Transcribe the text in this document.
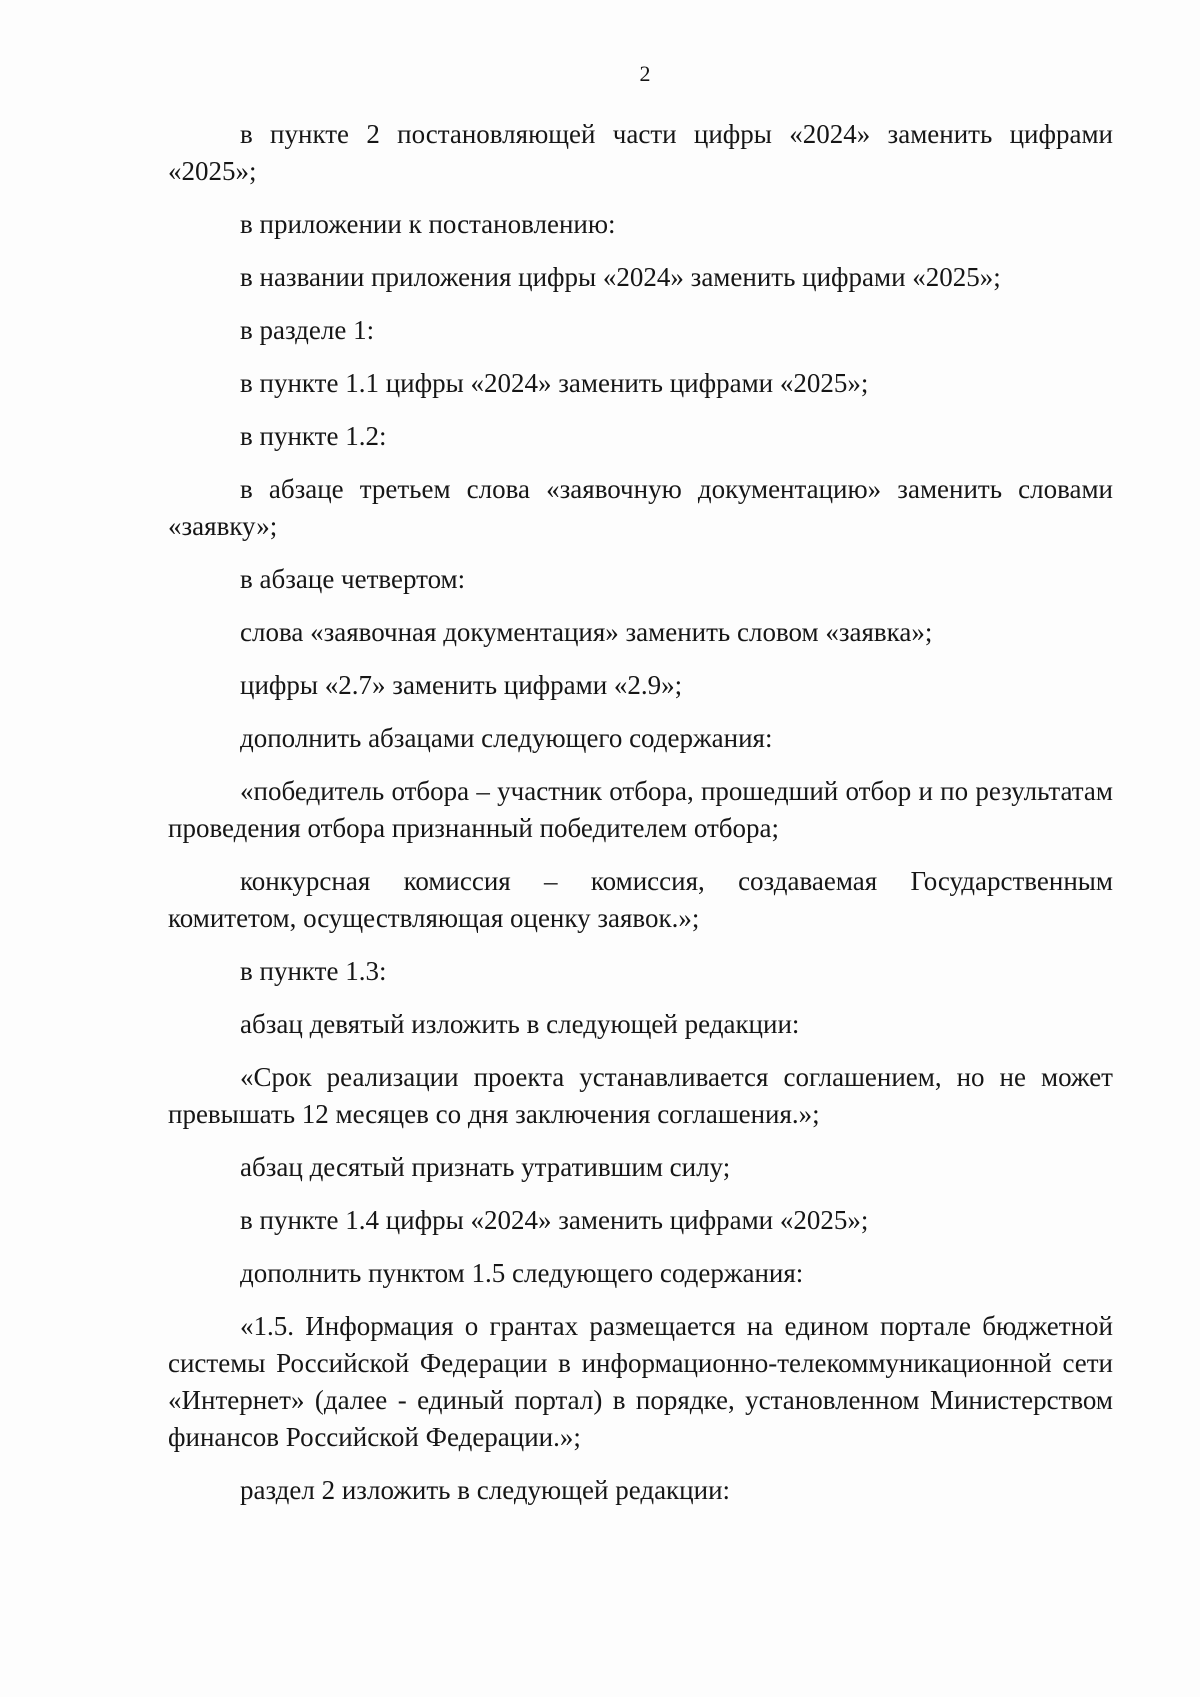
2

в пункте 2 постановляющей части цифры «2024» заменить цифрами «2025»;

в приложении к постановлению:

в названии приложения цифры «2024» заменить цифрами «2025»;

в разделе 1:

в пункте 1.1 цифры «2024» заменить цифрами «2025»;

в пункте 1.2:

в абзаце третьем слова «заявочную документацию» заменить словами «заявку»;

в абзаце четвертом:

слова «заявочная документация» заменить словом «заявка»;

цифры «2.7» заменить цифрами «2.9»;

дополнить абзацами следующего содержания:

«победитель отбора – участник отбора, прошедший отбор и по результатам проведения отбора признанный победителем отбора;

конкурсная комиссия – комиссия, создаваемая Государственным комитетом, осуществляющая оценку заявок.»;

в пункте 1.3:

абзац девятый изложить в следующей редакции:

«Срок реализации проекта устанавливается соглашением, но не может превышать 12 месяцев со дня заключения соглашения.»;

абзац десятый признать утратившим силу;

в пункте 1.4 цифры «2024» заменить цифрами «2025»;

дополнить пунктом 1.5 следующего содержания:

«1.5. Информация о грантах размещается на едином портале бюджетной системы Российской Федерации в информационно-телекоммуникационной сети «Интернет» (далее - единый портал) в порядке, установленном Министерством финансов Российской Федерации.»;

раздел 2 изложить в следующей редакции:
